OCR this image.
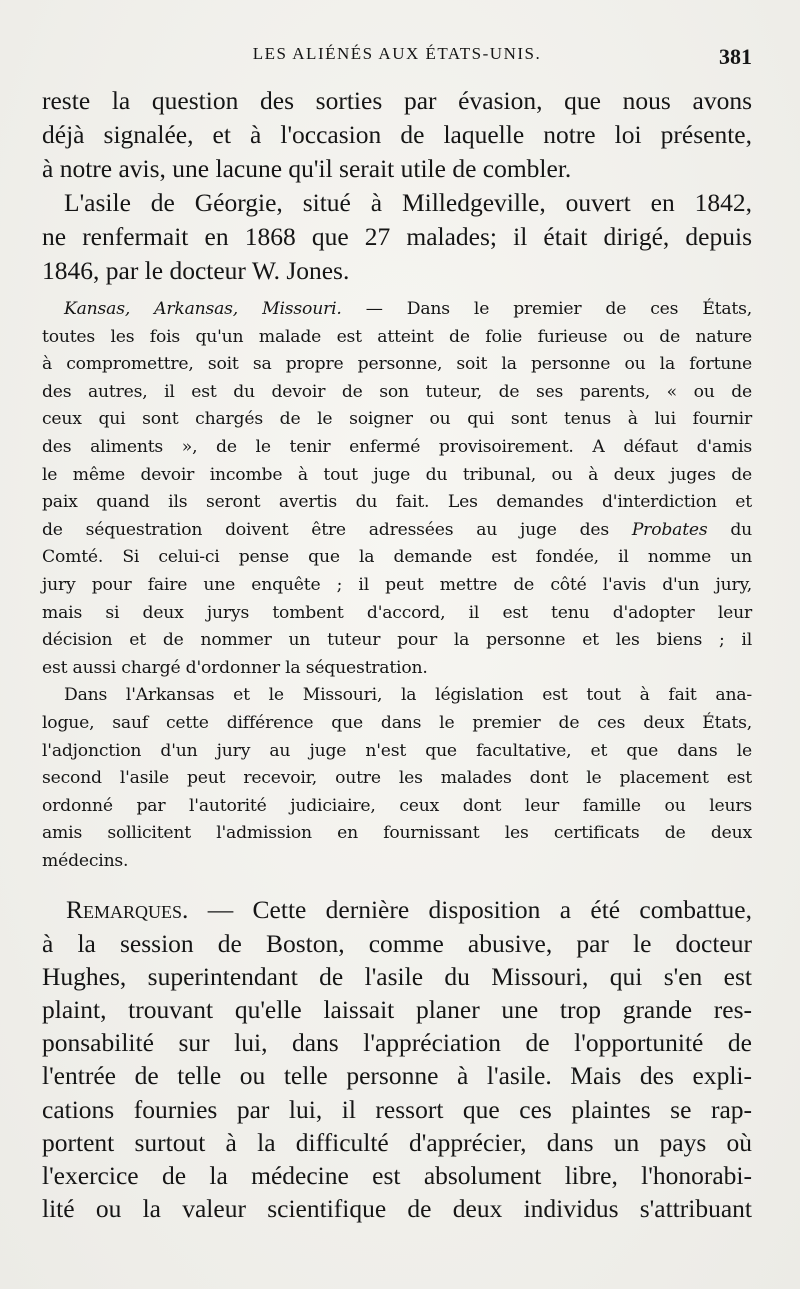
LES ALIÉNÉS AUX ÉTATS-UNIS.	381

reste la question des sorties par évasion, que nous avons

déjà signalée, et à l'occasion de laquelle notre loi présente,

à notre avis, une lacune qu'il serait utile de combler.

L'asile de Géorgie, situé à Milledgeville, ouvert en 1842,

ne renfermait en 1868 que 27 malades; il était dirigé, depuis

1846, par le docteur W. Jones.

Kansas, Arkansas, Missouri. — Dans le premier de ces États,

toutes les fois qu'un malade est atteint de folie furieuse ou de nature

à compromettre, soit sa propre personne, soit la personne ou la fortune

des autres, il est du devoir de son tuteur, de ses parents, « ou de

ceux qui sont chargés de le soigner ou qui sont tenus à lui fournir

des aliments », de le tenir enfermé provisoirement. A défaut d'amis

le même devoir incombe à tout juge du tribunal, ou à deux juges de

paix quand ils seront avertis du fait. Les demandes d'interdiction et

de séquestration doivent être adressées au juge des Probates du

Comté. Si celui-ci pense que la demande est fondée, il nomme un

jury pour faire une enquête ; il peut mettre de côté l'avis d'un jury,

mais si deux jurys tombent d'accord, il est tenu d'adopter leur

décision et de nommer un tuteur pour la personne et les biens ; il

est aussi chargé d'ordonner la séquestration.

Dans l'Arkansas et le Missouri, la législation est tout à fait ana-

logue, sauf cette différence que dans le premier de ces deux États,

l'adjonction d'un jury au juge n'est que facultative, et que dans le

second l'asile peut recevoir, outre les malades dont le placement est

ordonné par l'autorité judiciaire, ceux dont leur famille ou leurs

amis sollicitent l'admission en fournissant les certificats de deux

médecins.

Remarques. — Cette dernière disposition a été combattue,

à la session de Boston, comme abusive, par le docteur

Hughes, superintendant de l'asile du Missouri, qui s'en est

plaint, trouvant qu'elle laissait planer une trop grande res-

ponsabilité sur lui, dans l'appréciation de l'opportunité de

l'entrée de telle ou telle personne à l'asile. Mais des expli-

cations fournies par lui, il ressort que ces plaintes se rap-

portent surtout à la difficulté d'apprécier, dans un pays où

l'exercice de la médecine est absolument libre, l'honorabi-

lité ou la valeur scientifique de deux individus s'attribuant
